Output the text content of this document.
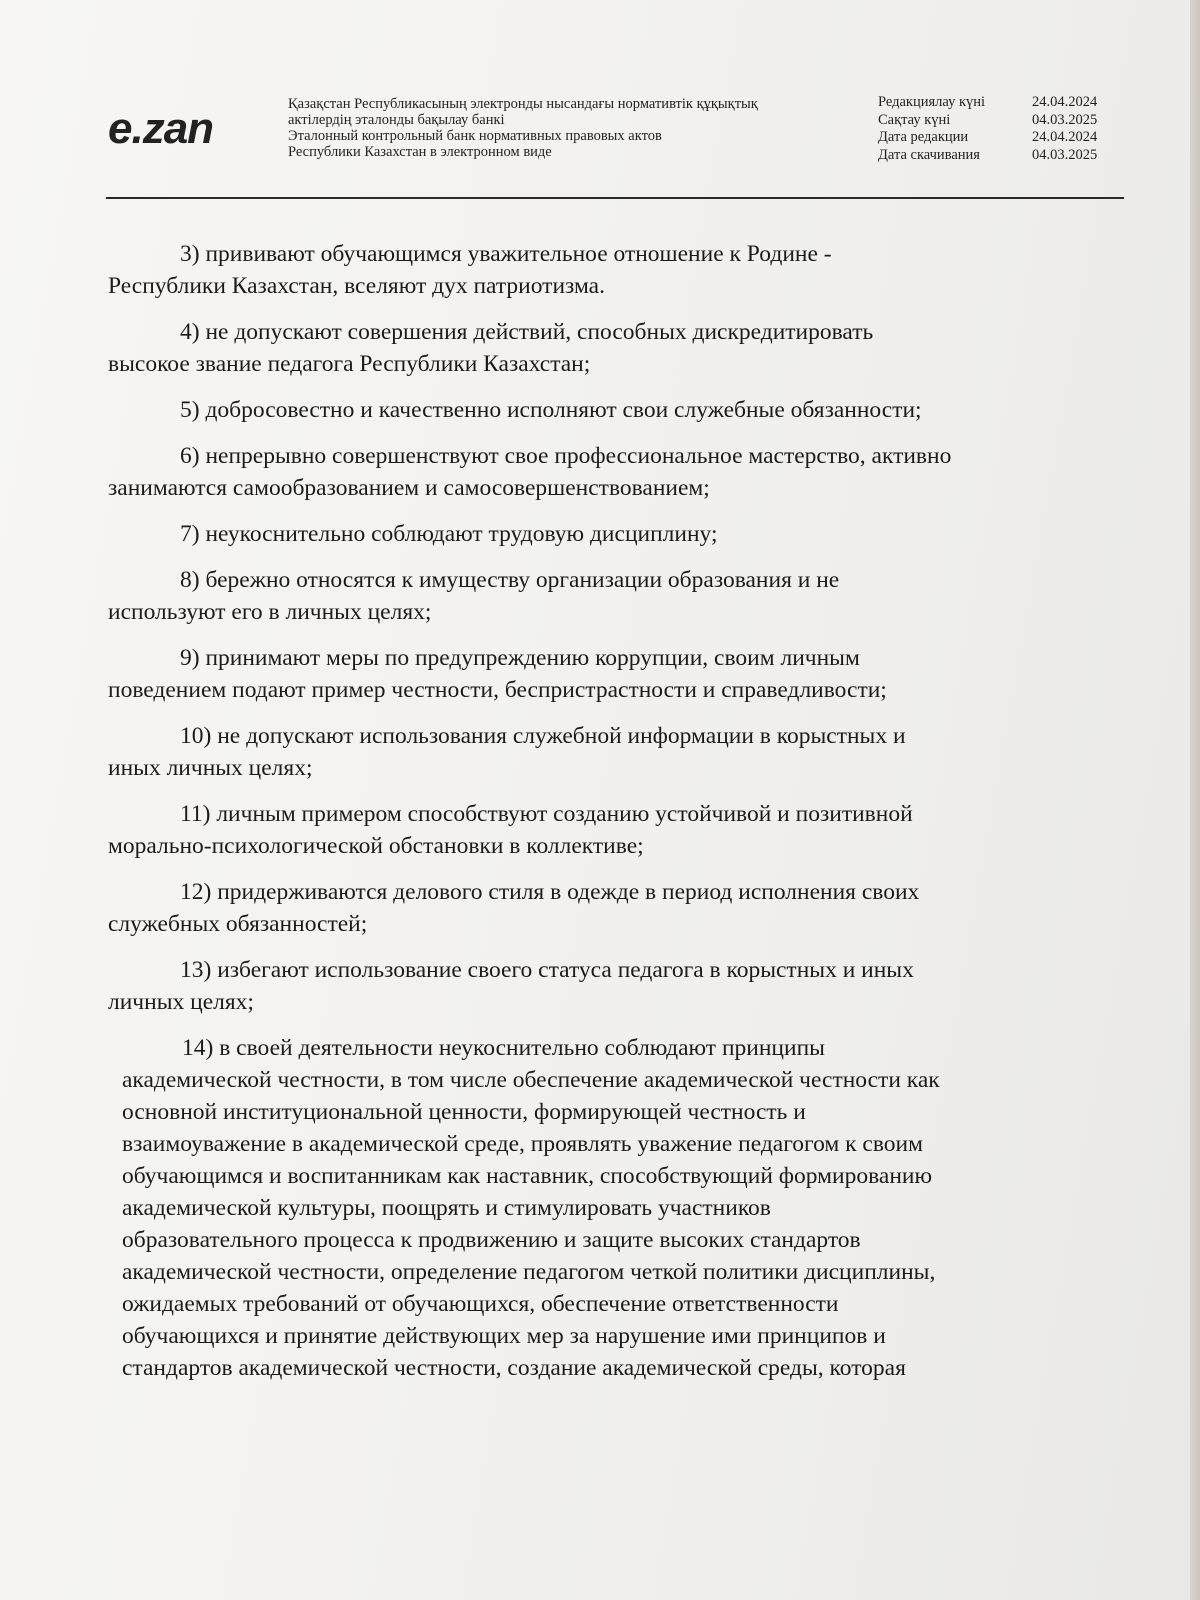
e.zan	Қазақстан Республикасының электронды нысандағы нормативтік құқықтық
актілердің эталонды бақылау банкі
Эталонный контрольный банк нормативных правовых актов
Республики Казахстан в электронном виде
Редакциялау күні	24.04.2024
Сақтау күні	04.03.2025
Дата редакции	24.04.2024
Дата скачивания	04.03.2025
3) прививают обучающимся уважительное отношение к Родине -
Республики Казахстан, вселяют дух патриотизма.
4) не допускают совершения действий, способных дискредитировать
высокое звание педагога Республики Казахстан;
5) добросовестно и качественно исполняют свои служебные обязанности;
6) непрерывно совершенствуют свое профессиональное мастерство, активно
занимаются самообразованием и самосовершенствованием;
7) неукоснительно соблюдают трудовую дисциплину;
8) бережно относятся к имуществу организации образования и не
используют его в личных целях;
9) принимают меры по предупреждению коррупции, своим личным
поведением подают пример честности, беспристрастности и справедливости;
10) не допускают использования служебной информации в корыстных и
иных личных целях;
11) личным примером способствуют созданию устойчивой и позитивной
морально-психологической обстановки в коллективе;
12) придерживаются делового стиля в одежде в период исполнения своих
служебных обязанностей;
13) избегают использование своего статуса педагога в корыстных и иных
личных целях;
14) в своей деятельности неукоснительно соблюдают принципы
академической честности, в том числе обеспечение академической честности как
основной институциональной ценности, формирующей честность и
взаимоуважение в академической среде, проявлять уважение педагогом к своим
обучающимся и воспитанникам как наставник, способствующий формированию
академической культуры, поощрять и стимулировать участников
образовательного процесса к продвижению и защите высоких стандартов
академической честности, определение педагогом четкой политики дисциплины,
ожидаемых требований от обучающихся, обеспечение ответственности
обучающихся и принятие действующих мер за нарушение ими принципов и
стандартов академической честности, создание академической среды, которая
